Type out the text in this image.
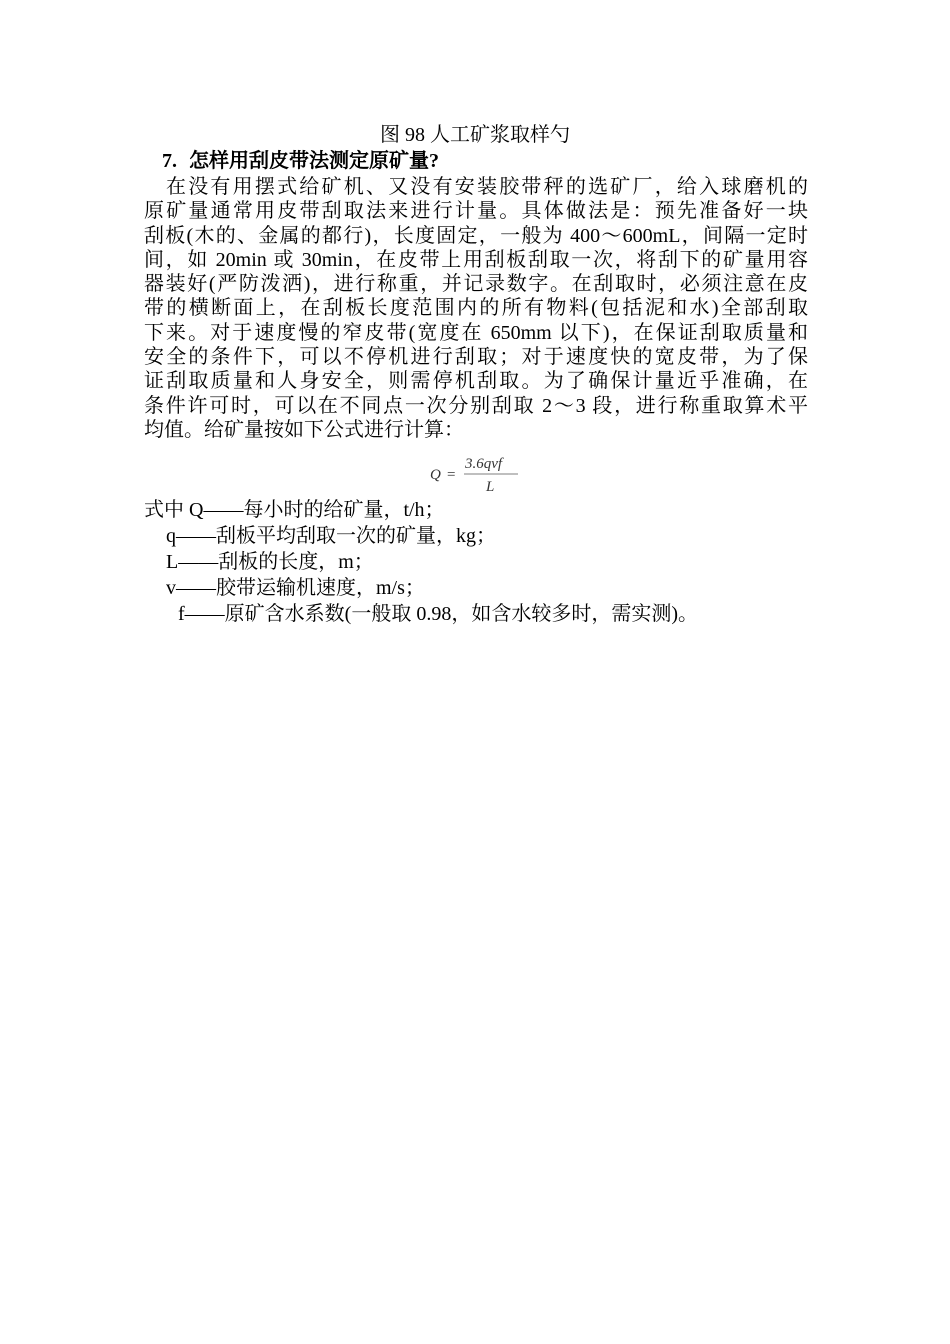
图 98 人工矿浆取样勺
7. 怎样用刮皮带法测定原矿量?
在没有用摆式给矿机、又没有安装胶带秤的选矿厂，给入球磨机的
原矿量通常用皮带刮取法来进行计量。具体做法是：预先准备好一块
刮板(木的、金属的都行)，长度固定，一般为 400～600mL，间隔一定时
间，如 20min 或 30min，在皮带上用刮板刮取一次，将刮下的矿量用容
器装好(严防泼洒)，进行称重，并记录数字。在刮取时，必须注意在皮
带的横断面上，在刮板长度范围内的所有物料(包括泥和水)全部刮取
下来。对于速度慢的窄皮带(宽度在 650mm 以下)，在保证刮取质量和
安全的条件下，可以不停机进行刮取；对于速度快的宽皮带，为了保
证刮取质量和人身安全，则需停机刮取。为了确保计量近乎准确，在
条件许可时，可以在不同点一次分别刮取 2～3 段，进行称重取算术平
均值。给矿量按如下公式进行计算：
Q =
3.6qvf
L
式中 Q——每小时的给矿量，t/h；
q——刮板平均刮取一次的矿量，kg；
L——刮板的长度，m；
v——胶带运输机速度，m/s；
f——原矿含水系数(一般取 0.98，如含水较多时，需实测)。
